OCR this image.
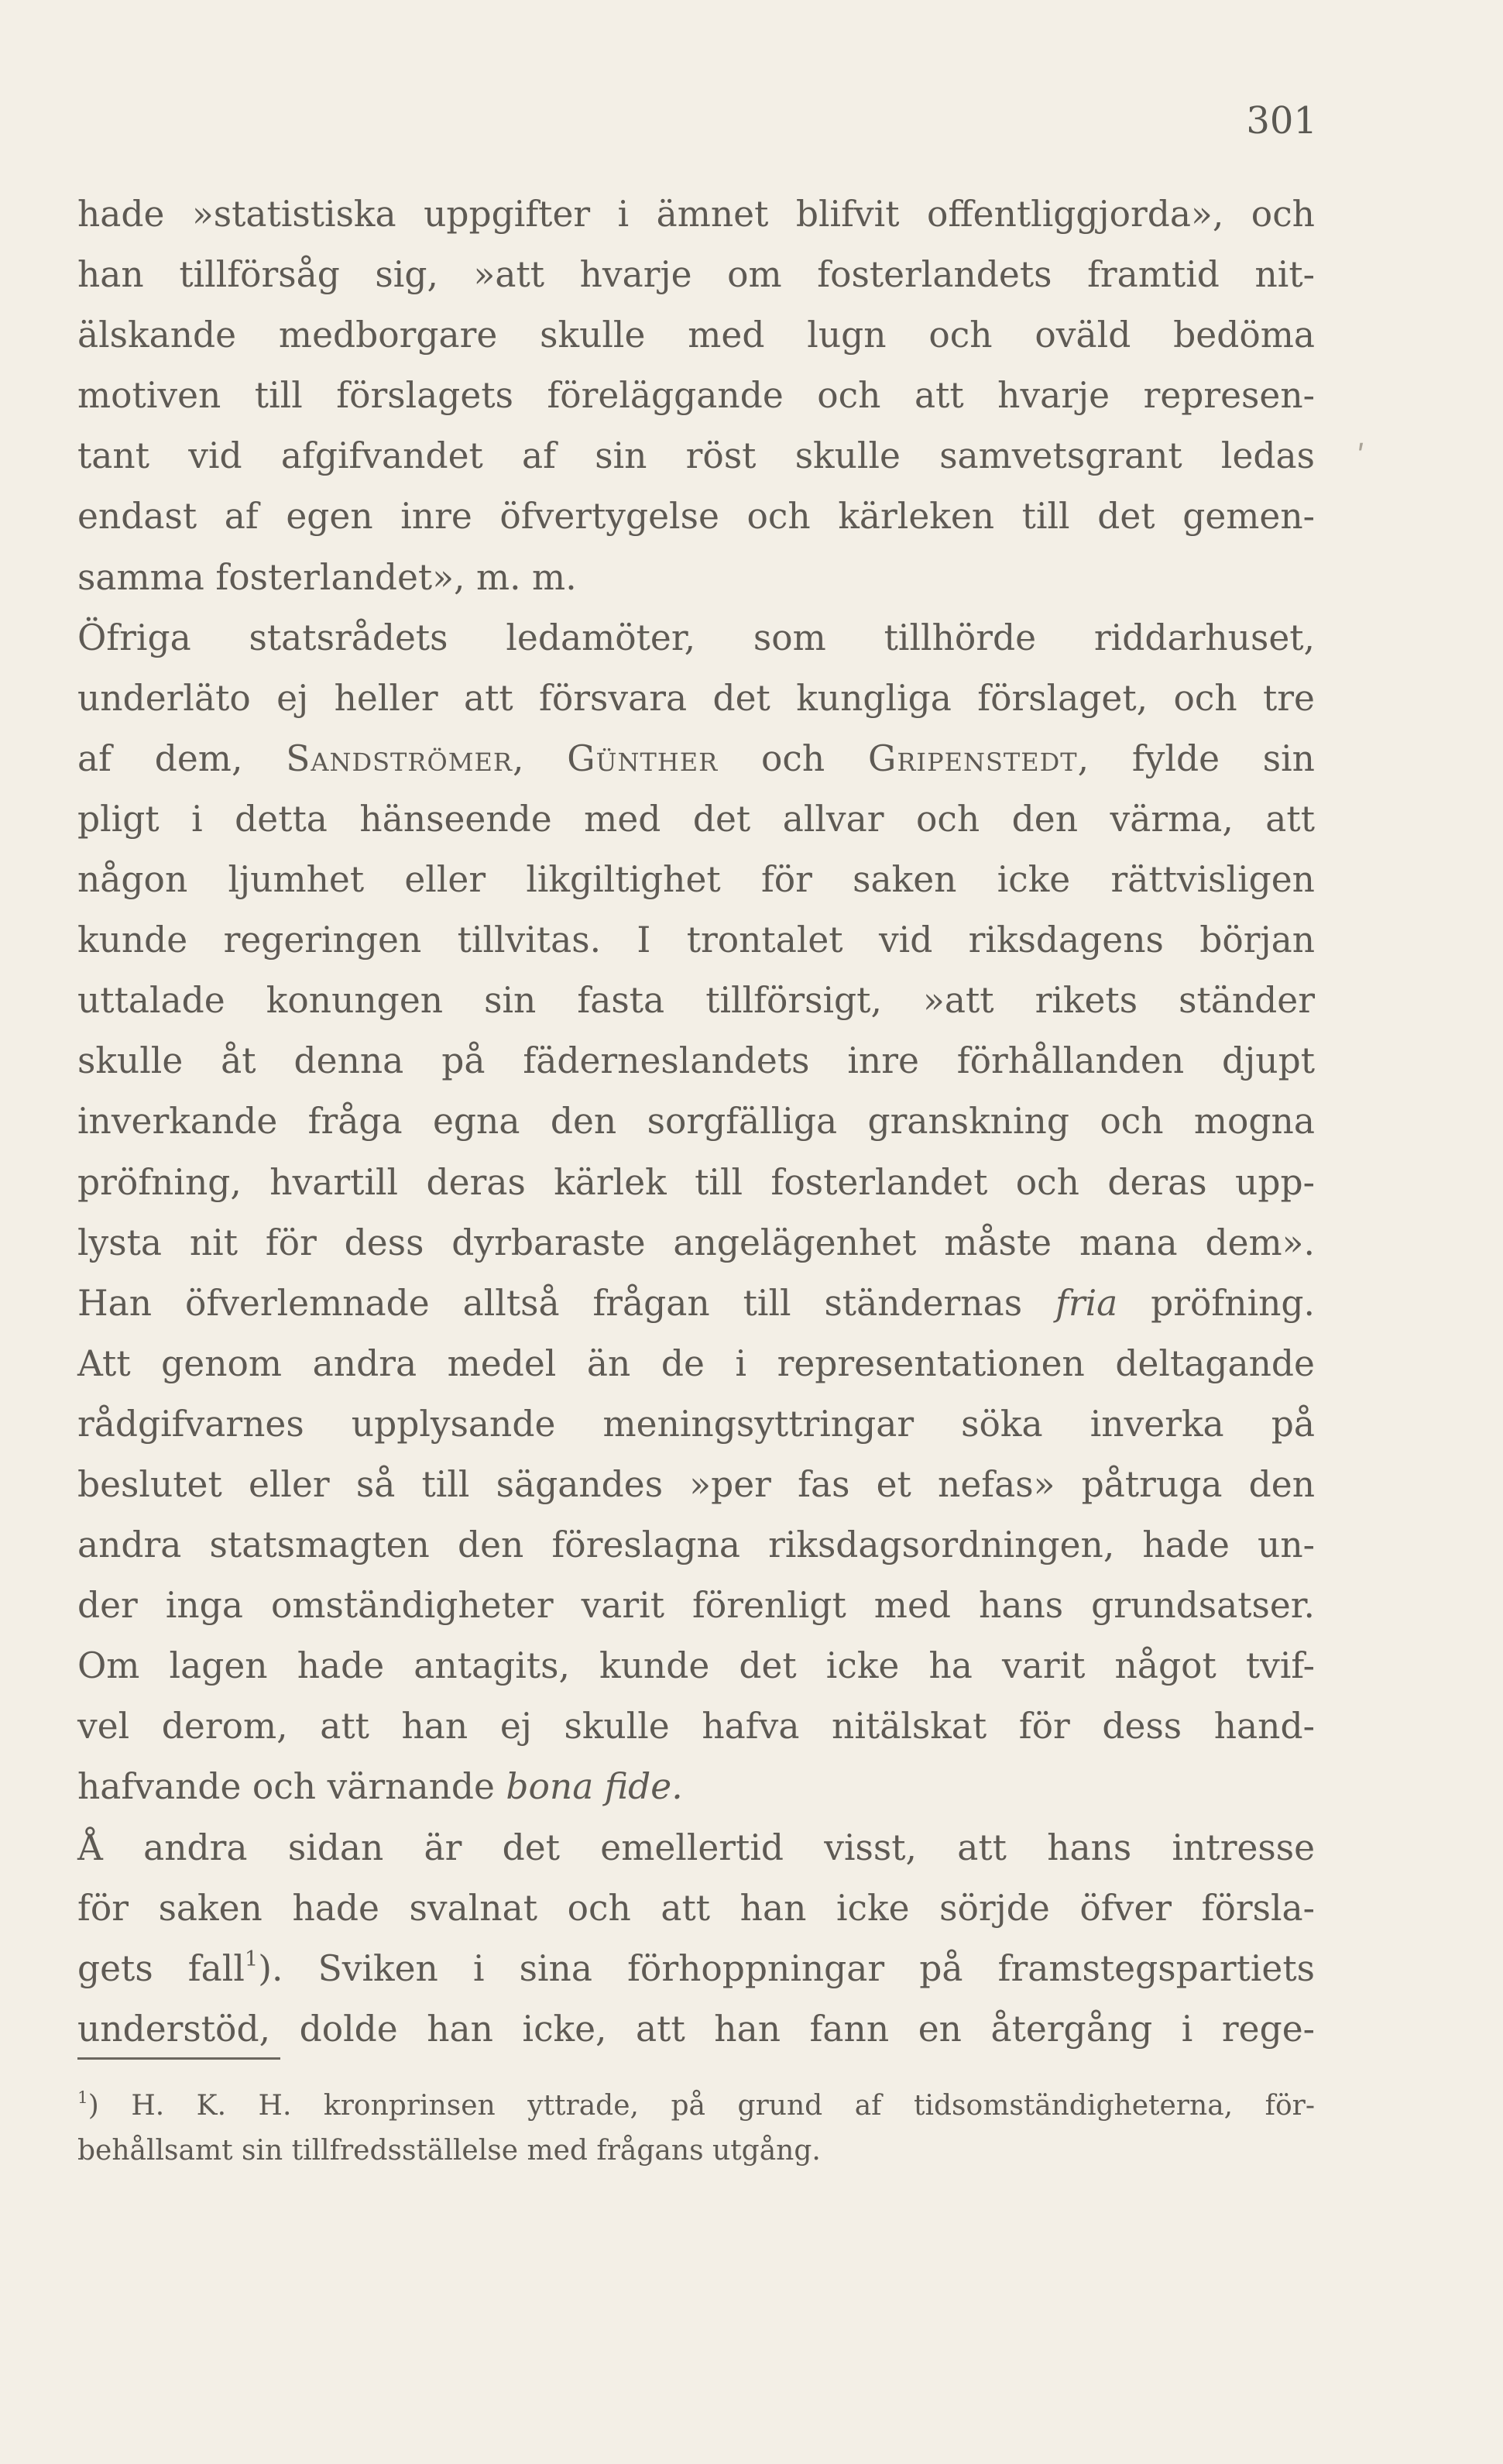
301
ʹ
hade »statistiska uppgifter i ämnet blifvit offentliggjorda», och
han tillförsåg sig, »att hvarje om fosterlandets framtid nit-
älskande medborgare skulle med lugn och oväld bedöma
motiven till förslagets föreläggande och att hvarje represen-
tant vid afgifvandet af sin röst skulle samvetsgrant ledas
endast af egen inre öfvertygelse och kärleken till det gemen-
samma fosterlandet», m. m.
Öfriga statsrådets ledamöter, som tillhörde riddarhuset,
underläto ej heller att försvara det kungliga förslaget, och tre
af dem, Sandströmer, Günther och Gripenstedt, fylde sin
pligt i detta hänseende med det allvar och den värma, att
någon ljumhet eller likgiltighet för saken icke rättvisligen
kunde regeringen tillvitas. I trontalet vid riksdagens början
uttalade konungen sin fasta tillförsigt, »att rikets ständer
skulle åt denna på fäderneslandets inre förhållanden djupt
inverkande fråga egna den sorgfälliga granskning och mogna
pröfning, hvartill deras kärlek till fosterlandet och deras upp-
lysta nit för dess dyrbaraste angelägenhet måste mana dem».
Han öfverlemnade alltså frågan till ständernas fria pröfning.
Att genom andra medel än de i representationen deltagande
rådgifvarnes upplysande meningsyttringar söka inverka på
beslutet eller så till sägandes »per fas et nefas» påtruga den
andra statsmagten den föreslagna riksdagsordningen, hade un-
der inga omständigheter varit förenligt med hans grundsatser.
Om lagen hade antagits, kunde det icke ha varit något tvif-
vel derom, att han ej skulle hafva nitälskat för dess hand-
hafvande och värnande bona fide.
Å andra sidan är det emellertid visst, att hans intresse
för saken hade svalnat och att han icke sörjde öfver försla-
gets fall$^1$). Sviken i sina förhoppningar på framstegspartiets
understöd, dolde han icke, att han fann en återgång i rege-
$^1$) H. K. H. kronprinsen yttrade, på grund af tidsomständigheterna, för-
behållsamt sin tillfredsställelse med frågans utgång.
